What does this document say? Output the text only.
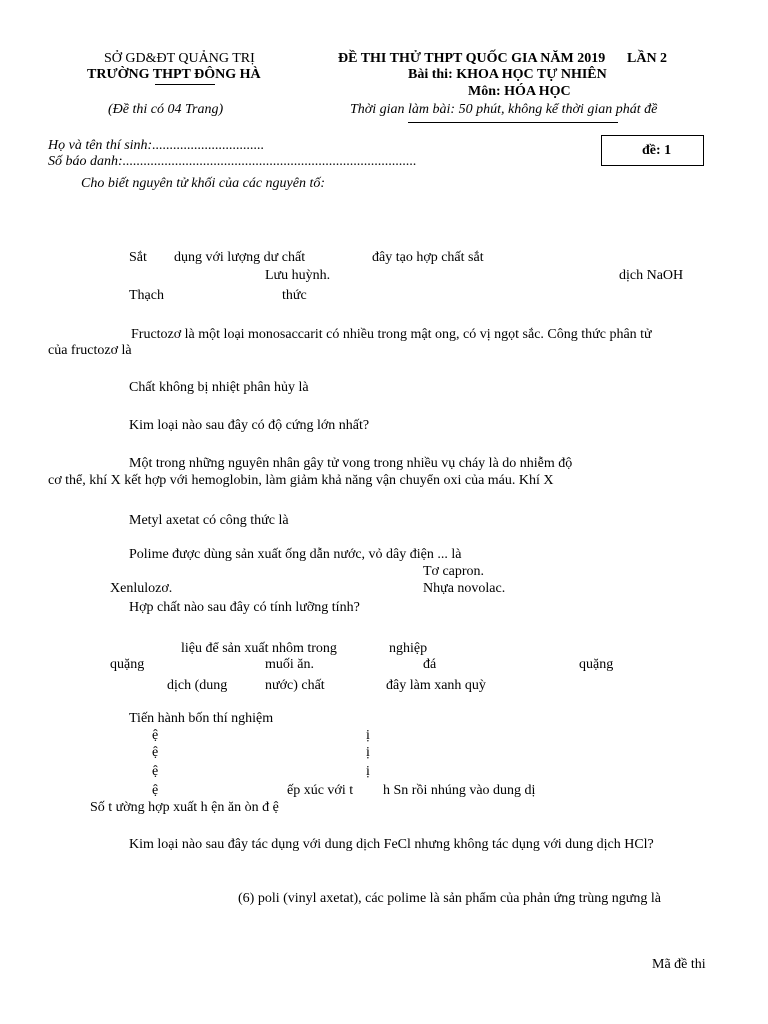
SỞ GD&ĐT QUẢNG TRỊ
TRƯỜNG THPT ĐÔNG HÀ
(Đề thi có 04 Trang)
ĐỀ THI THỬ THPT QUỐC GIA NĂM 2019 LẦN 2
Bài thi: KHOA HỌC TỰ NHIÊN
Môn: HÓA HỌC
Thời gian làm bài: 50 phút, không kể thời gian phát đề
Họ và tên thí sinh:................................
Số báo danh:....................................................................................
đề: 1
Cho biết nguyên tử khối của các nguyên tố:
Sắt dụng với lượng dư chất	đây tạo hợp chất sắt
Lưu huỳnh.	dịch NaOH
Thạch	thức
Fructozơ là một loại monosaccarit có nhiều trong mật ong, có vị ngọt sắc. Công thức phân tử
của fructozơ là
Chất không bị nhiệt phân hủy là
Kim loại nào sau đây có độ cứng lớn nhất?
Một trong những nguyên nhân gây tử vong trong nhiều vụ cháy là do nhiễm độ
cơ thể, khí X kết hợp với hemoglobin, làm giảm khả năng vận chuyển oxi của máu. Khí X
Metyl axetat có công thức là
Polime được dùng sản xuất ống dẫn nước, vỏ dây điện ... là
Tơ capron.
Xenlulozơ.	Nhựa novolac.
Hợp chất nào sau đây có tính lưỡng tính?
liệu để sản xuất nhôm trong	nghiệp
quặng	muối ăn.	đá	quặng
dịch (dung	nước) chất	đây làm xanh quỳ
Tiến hành bốn thí nghiệm
ệ	ị
ệ	ị
ệ	ị
ệ	ếp xúc với t h Sn rồi nhúng vào dung dị
Số t ường hợp xuất h ện ăn òn đ ệ
Kim loại nào sau đây tác dụng với dung dịch FeCl nhưng không tác dụng với dung dịch HCl?
(6) poli (vinyl axetat), các polime là sản phẩm của phản ứng trùng ngưng là
Mã đề thi
